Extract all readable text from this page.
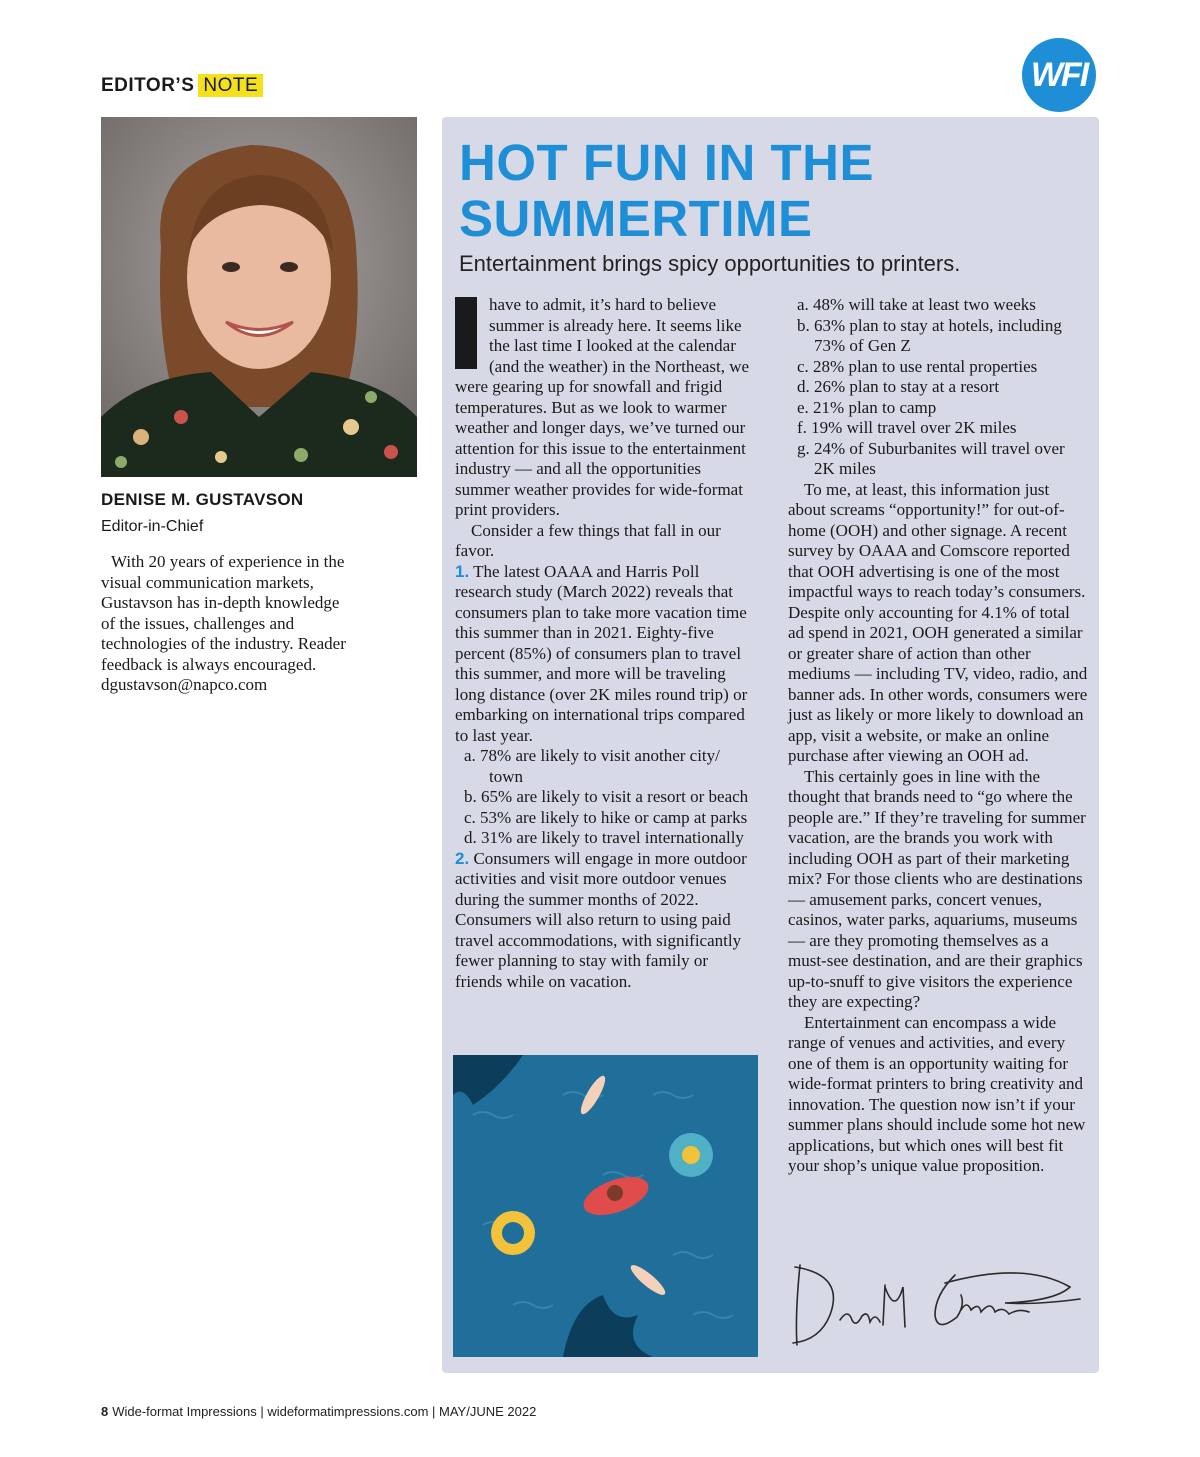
EDITOR’S NOTE	WFI
DENISE M. GUSTAVSON
Editor-in-Chief
With 20 years of experience in the visual communication markets, Gustavson has in-depth knowledge of the issues, challenges and technologies of the industry. Reader feedback is always encouraged.
dgustavson@napco.com
HOT FUN IN THE SUMMERTIME
Entertainment brings spicy opportunities to printers.

have to admit, it’s hard to believe summer is already here. It seems like the last time I looked at the calendar (and the weather) in the Northeast, we were gearing up for snowfall and frigid temperatures. But as we look to warmer weather and longer days, we’ve turned our attention for this issue to the entertainment industry — and all the opportunities summer weather provides for wide-format print providers.

Consider a few things that fall in our favor.

1. The latest OAAA and Harris Poll research study (March 2022) reveals that consumers plan to take more vacation time this summer than in 2021. Eighty-five percent (85%) of consumers plan to travel this summer, and more will be traveling long distance (over 2K miles round trip) or embarking on international trips compared to last year.

a. 78% are likely to visit another city/ town

b. 65% are likely to visit a resort or beach

c. 53% are likely to hike or camp at parks

d. 31% are likely to travel internationally

2. Consumers will engage in more outdoor activities and visit more outdoor venues during the summer months of 2022. Consumers will also return to using paid travel accommodations, with significantly fewer planning to stay with family or friends while on vacation.

a. 48% will take at least two weeks

b. 63% plan to stay at hotels, including 73% of Gen Z

c. 28% plan to use rental properties

d. 26% plan to stay at a resort

e. 21% plan to camp

f. 19% will travel over 2K miles

g. 24% of Suburbanites will travel over 2K miles

To me, at least, this information just about screams “opportunity!” for out-of-home (OOH) and other signage. A recent survey by OAAA and Comscore reported that OOH advertising is one of the most impactful ways to reach today’s consumers. Despite only accounting for 4.1% of total ad spend in 2021, OOH generated a similar or greater share of action than other mediums — including TV, video, radio, and banner ads. In other words, consumers were just as likely or more likely to download an app, visit a website, or make an online purchase after viewing an OOH ad.

This certainly goes in line with the thought that brands need to “go where the people are.” If they’re traveling for summer vacation, are the brands you work with including OOH as part of their marketing mix? For those clients who are destinations — amusement parks, concert venues, casinos, water parks, aquariums, museums — are they promoting themselves as a must-see destination, and are their graphics up-to-snuff to give visitors the experience they are expecting?

Entertainment can encompass a wide range of venues and activities, and every one of them is an opportunity waiting for wide-format printers to bring creativity and innovation. The question now isn’t if your summer plans should include some hot new applications, but which ones will best fit your shop’s unique value proposition.

8 Wide-format Impressions | wideformatimpressions.com | MAY/JUNE 2022
